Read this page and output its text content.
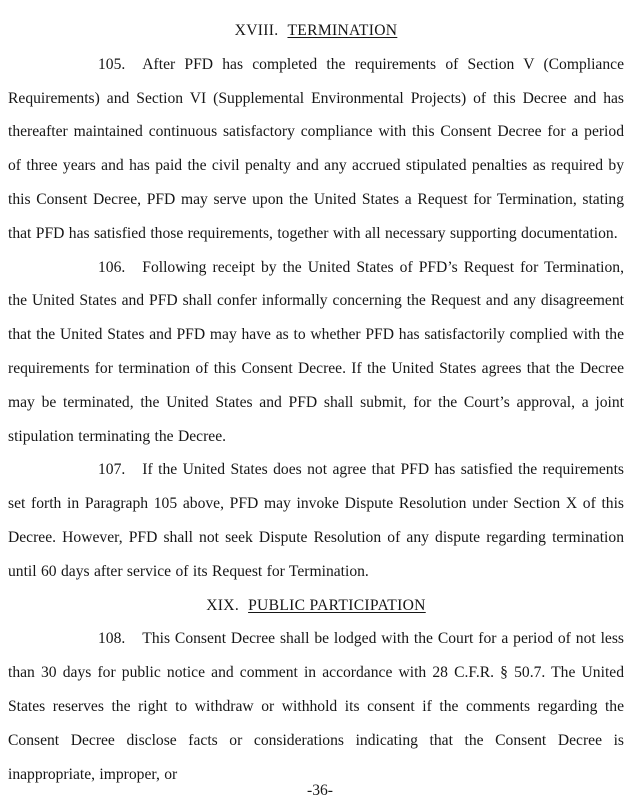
XVIII. TERMINATION

105. After PFD has completed the requirements of Section V (Compliance Requirements) and Section VI (Supplemental Environmental Projects) of this Decree and has thereafter maintained continuous satisfactory compliance with this Consent Decree for a period of three years and has paid the civil penalty and any accrued stipulated penalties as required by this Consent Decree, PFD may serve upon the United States a Request for Termination, stating that PFD has satisfied those requirements, together with all necessary supporting documentation.

106. Following receipt by the United States of PFD’s Request for Termination, the United States and PFD shall confer informally concerning the Request and any disagreement that the United States and PFD may have as to whether PFD has satisfactorily complied with the requirements for termination of this Consent Decree. If the United States agrees that the Decree may be terminated, the United States and PFD shall submit, for the Court’s approval, a joint stipulation terminating the Decree.

107. If the United States does not agree that PFD has satisfied the requirements set forth in Paragraph 105 above, PFD may invoke Dispute Resolution under Section X of this Decree. However, PFD shall not seek Dispute Resolution of any dispute regarding termination until 60 days after service of its Request for Termination.

XIX. PUBLIC PARTICIPATION

108. This Consent Decree shall be lodged with the Court for a period of not less than 30 days for public notice and comment in accordance with 28 C.F.R. § 50.7. The United States reserves the right to withdraw or withhold its consent if the comments regarding the Consent Decree disclose facts or considerations indicating that the Consent Decree is inappropriate, improper, or

-36-
